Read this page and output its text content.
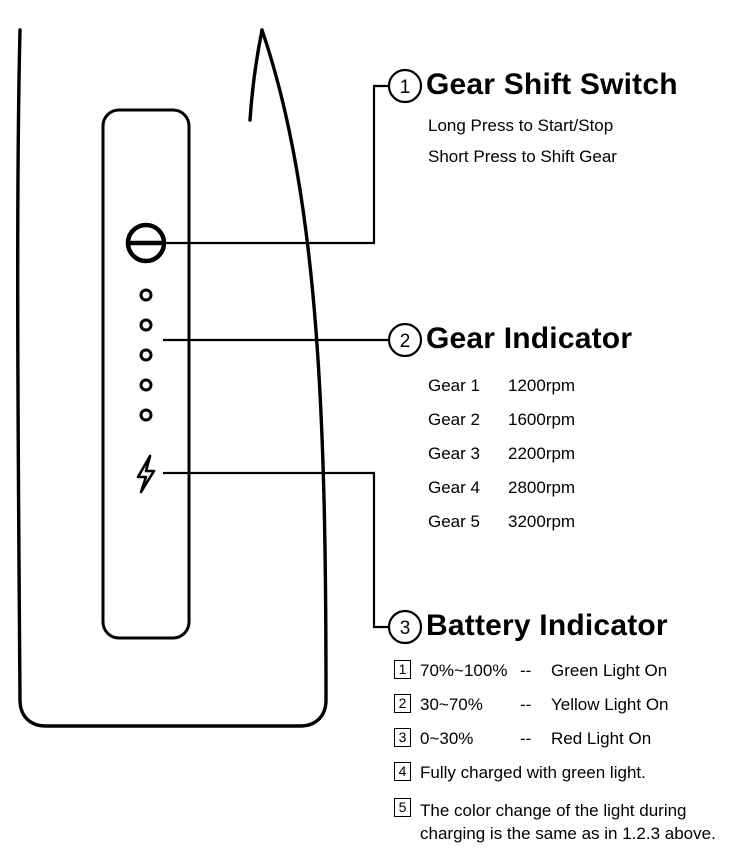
1
2
3
Gear Shift Switch
Long Press to Start/Stop
Short Press to Shift Gear
Gear Indicator
Gear 1 1200rpm
Gear 2 1600rpm
Gear 3 2200rpm
Gear 4 2800rpm
Gear 5 3200rpm
Battery Indicator
1 70%~100% -- Green Light On
2 30~70% -- Yellow Light On
3 0~30%	-- Red Light On
4 Fully charged with green light.
5 The color change of the light during charging is the same as in 1.2.3 above.
